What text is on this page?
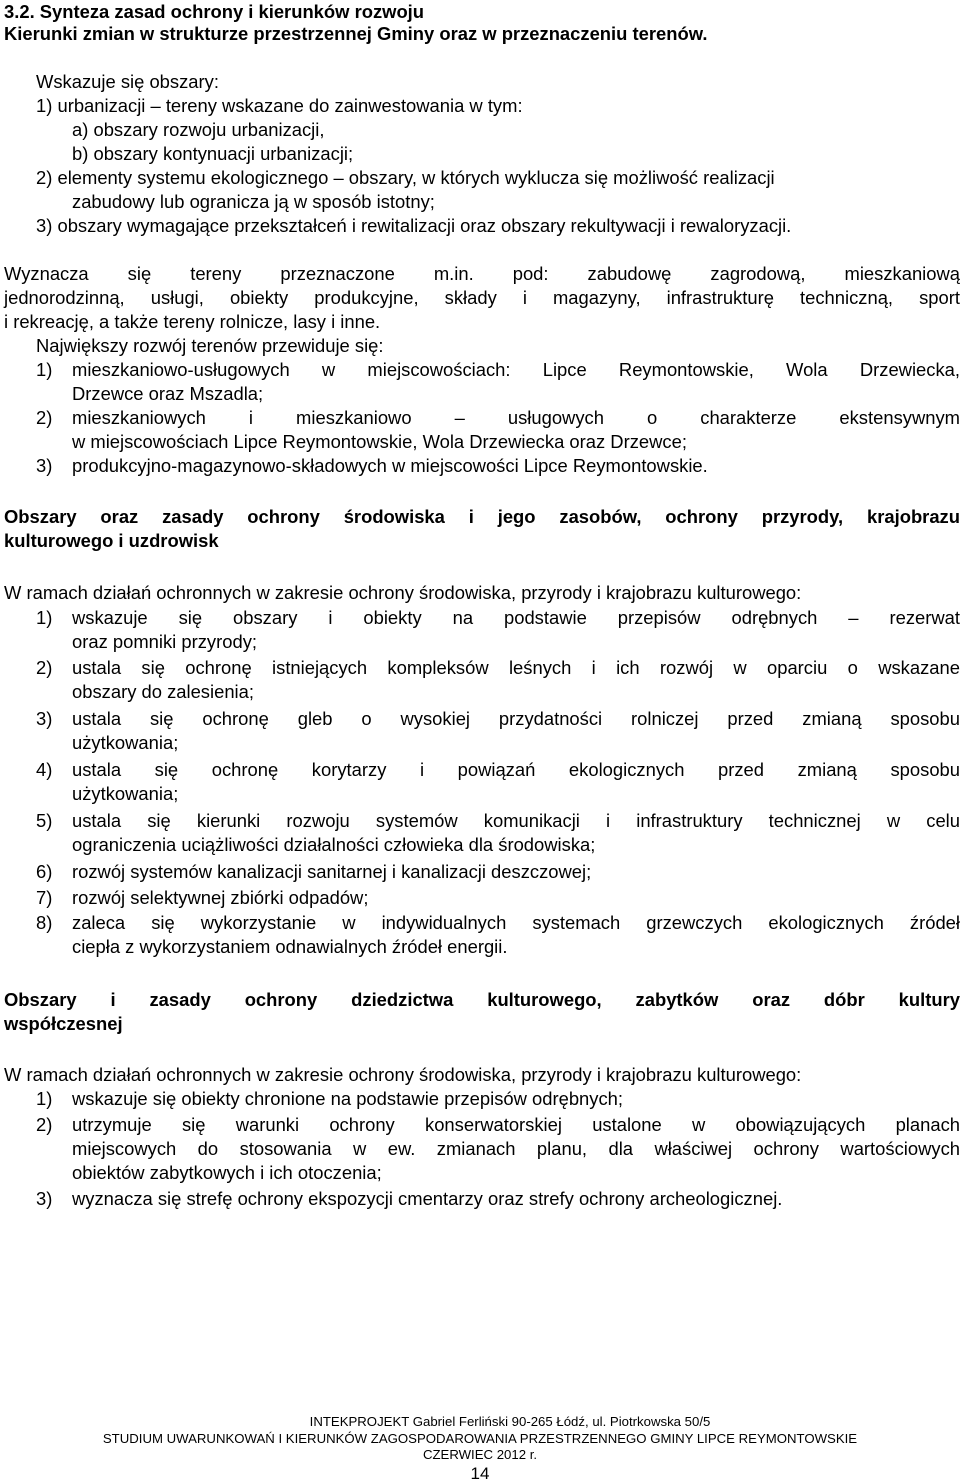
3.2. Synteza zasad ochrony i kierunków rozwoju
Kierunki zmian w strukturze przestrzennej Gminy oraz w przeznaczeniu terenów.
Wskazuje się obszary:
1) urbanizacji – tereny wskazane do zainwestowania w tym:
a) obszary rozwoju urbanizacji,
b) obszary kontynuacji urbanizacji;
2) elementy systemu ekologicznego – obszary, w których wyklucza się możliwość realizacji
zabudowy lub ogranicza ją w sposób istotny;
3) obszary wymagające przekształceń i rewitalizacji oraz obszary rekultywacji i rewaloryzacji.
Wyznacza się tereny przeznaczone m.in. pod: zabudowę zagrodową, mieszkaniową
jednorodzinną, usługi, obiekty produkcyjne, składy i magazyny, infrastrukturę techniczną, sport
i rekreację, a także tereny rolnicze, lasy i inne.
Największy rozwój terenów przewiduje się:
1) mieszkaniowo-usługowych w miejscowościach: Lipce Reymontowskie, Wola Drzewiecka,
Drzewce oraz Mszadla;
2) mieszkaniowych i mieszkaniowo – usługowych o charakterze ekstensywnym
w miejscowościach Lipce Reymontowskie, Wola Drzewiecka oraz Drzewce;
3) produkcyjno-magazynowo-składowych w miejscowości Lipce Reymontowskie.
Obszary oraz zasady ochrony środowiska i jego zasobów, ochrony przyrody, krajobrazu
kulturowego i uzdrowisk
W ramach działań ochronnych w zakresie ochrony środowiska, przyrody i krajobrazu kulturowego:
1) wskazuje się obszary i obiekty na podstawie przepisów odrębnych – rezerwat
oraz pomniki przyrody;
2) ustala się ochronę istniejących kompleksów leśnych i ich rozwój w oparciu o wskazane
obszary do zalesienia;
3) ustala się ochronę gleb o wysokiej przydatności rolniczej przed zmianą sposobu
użytkowania;
4) ustala się ochronę korytarzy i powiązań ekologicznych przed zmianą sposobu
użytkowania;
5) ustala się kierunki rozwoju systemów komunikacji i infrastruktury technicznej w celu
ograniczenia uciążliwości działalności człowieka dla środowiska;
6) rozwój systemów kanalizacji sanitarnej i kanalizacji deszczowej;
7) rozwój selektywnej zbiórki odpadów;
8) zaleca się wykorzystanie w indywidualnych systemach grzewczych ekologicznych źródeł
ciepła z wykorzystaniem odnawialnych źródeł energii.
Obszary i zasady ochrony dziedzictwa kulturowego, zabytków oraz dóbr kultury
współczesnej
W ramach działań ochronnych w zakresie ochrony środowiska, przyrody i krajobrazu kulturowego:
1) wskazuje się obiekty chronione na podstawie przepisów odrębnych;
2) utrzymuje się warunki ochrony konserwatorskiej ustalone w obowiązujących planach
miejscowych do stosowania w ew. zmianach planu, dla właściwej ochrony wartościowych
obiektów zabytkowych i ich otoczenia;
3) wyznacza się strefę ochrony ekspozycji cmentarzy oraz strefy ochrony archeologicznej.
INTEKPROJEKT Gabriel Ferliński 90-265 Łódź, ul. Piotrkowska 50/5
STUDIUM UWARUNKOWAŃ I KIERUNKÓW ZAGOSPODAROWANIA PRZESTRZENNEGO GMINY LIPCE REYMONTOWSKIE
CZERWIEC 2012 r.
14
